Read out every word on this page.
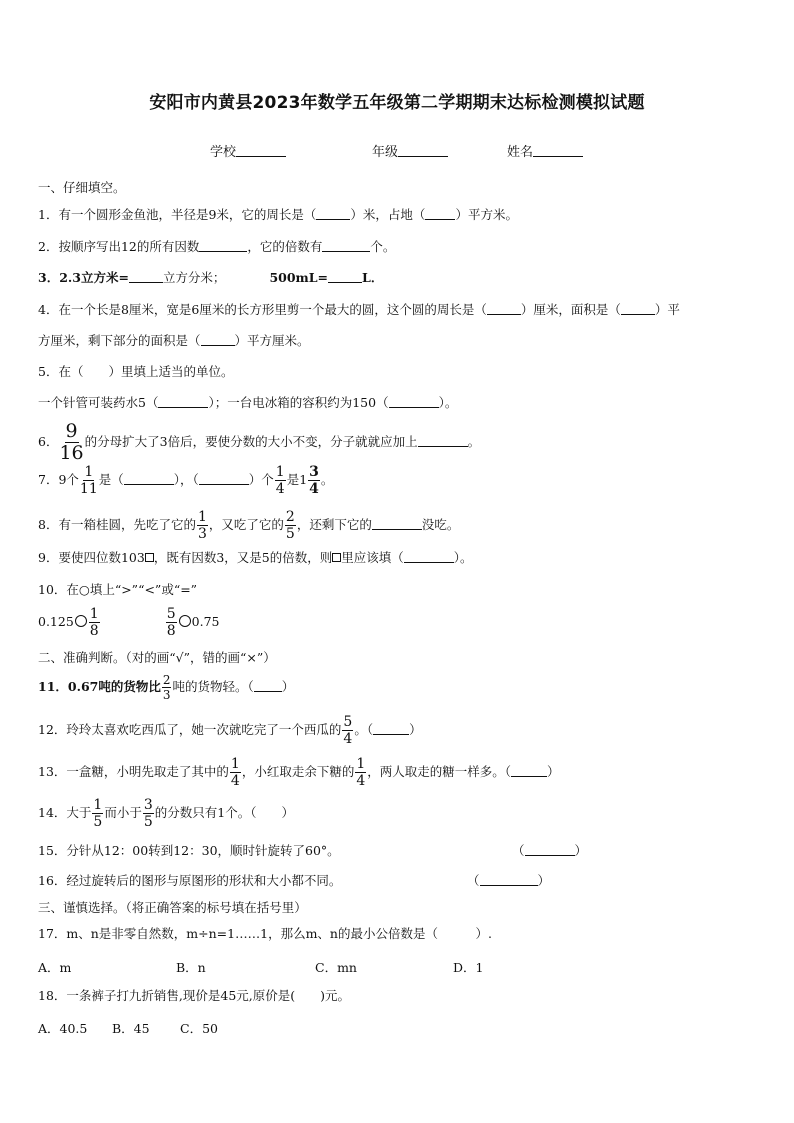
安阳市内黄县2023年数学五年级第二学期期末达标检测模拟试题
学校	年级	姓名
一、仔细填空。
1．有一个圆形金鱼池，半径是9米，它的周长是（	）米，占地（ ）平方米。
2．按顺序写出12的所有因数	，它的倍数有	个。
3．2.3立方米=	立方分米；	500mL=	L．
4．在一个长是8厘米，宽是6厘米的长方形里剪一个最大的圆，这个圆的周长是（	）厘米，面积是（	）平
方厘米，剩下部分的面积是（	）平方厘米。
5．在（　　）里填上适当的单位。
一个针管可装药水5（	）；一台电冰箱的容积约为150（	）。
6． $\frac{9}{16}$ 的分母扩大了3倍后，要使分数的大小不变，分子就就应加上	。
7．9个 $\frac{1}{11}$ 是（	），（	）个 $\frac{1}{4}$ 是$1 \frac{3}{4}$ 。
8．有一箱桂圆，先吃了它的 $\frac{1}{3}$ ，又吃了它的 $\frac{2}{5}$ ，还剩下它的	没吃。
9．要使四位数103 ，既有因数3，又是5的倍数，则 里应该填（	）。
10．在○填上“>”“<”或“=”
$0.125 \frac{1}{8}$	$\frac{5}{8} 0.75$
二、准确判断。（对的画“√”，错的画“×”）
11．0.67吨的货物比 $\frac{2}{3}$ 吨的货物轻。（ ）
12．玲玲太喜欢吃西瓜了，她一次就吃完了一个西瓜的 $\frac{5}{4}$ 。（	）
13．一盒糖，小明先取走了其中的 $\frac{1}{4}$ ，小红取走余下糖的 $\frac{1}{4}$ ，两人取走的糖一样多。（	）
14．大于 $\frac{1}{5}$ 而小于 $\frac{3}{5}$ 的分数只有1个。（　　）
15．分针从12：00转到12：30，顺时针旋转了60°。	（	）
16．经过旋转后的图形与原图形的形状和大小都不同。	（	）
三、谨慎选择。（将正确答案的标号填在括号里）
17．m、n是非零自然数，m÷n=1……1，那么m、n的最小公倍数是（　　　）.
A．m	B．n	C．mn	D．1
18．一条裤子打九折销售,现价是45元,原价是(　　)元。
A．40.5 B．45 C．50
